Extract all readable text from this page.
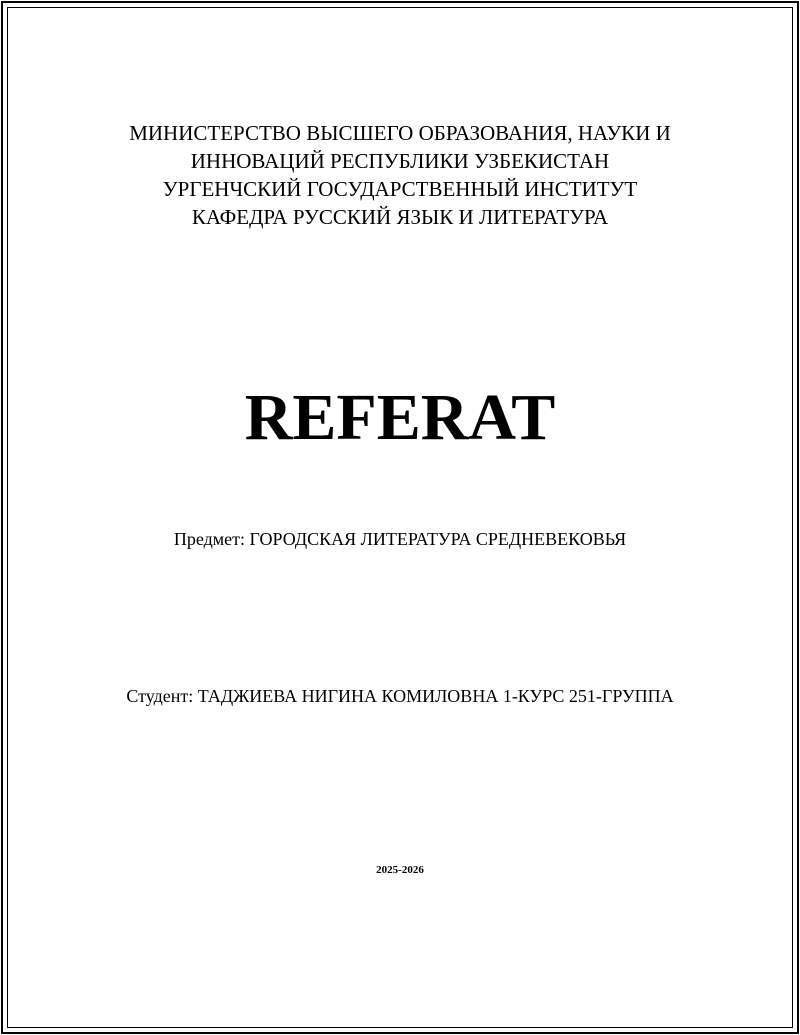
МИНИСТЕРСТВО ВЫСШЕГО ОБРАЗОВАНИЯ, НАУКИ И
ИННОВАЦИЙ РЕСПУБЛИКИ УЗБЕКИСТАН
УРГЕНЧСКИЙ ГОСУДАРСТВЕННЫЙ ИНСТИТУТ
КАФЕДРА РУССКИЙ ЯЗЫК И ЛИТЕРАТУРА
REFERAT
Предмет: ГОРОДСКАЯ ЛИТЕРАТУРА СРЕДНЕВЕКОВЬЯ
Студент: ТАДЖИЕВА НИГИНА КОМИЛОВНА 1-КУРС 251-ГРУППА
2025-2026
